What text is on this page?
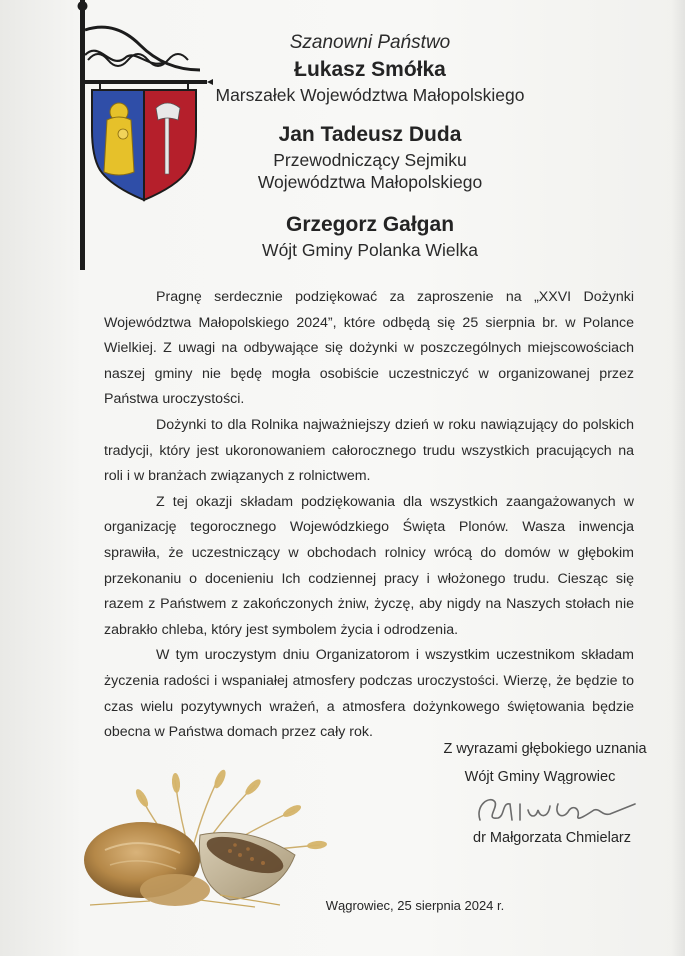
Szanowni Państwo
Łukasz Smółka
Marszałek Województwa Małopolskiego
Jan Tadeusz Duda
Przewodniczący Sejmiku
Województwa Małopolskiego
Grzegorz Gałgan
Wójt Gminy Polanka Wielka

Pragnę serdecznie podziękować za zaproszenie na „XXVI Dożynki Województwa Małopolskiego 2024”, które odbędą się 25 sierpnia br. w Polance Wielkiej. Z uwagi na odbywające się dożynki w poszczególnych miejscowościach naszej gminy nie będę mogła osobiście uczestniczyć w organizowanej przez Państwa uroczystości.

Dożynki to dla Rolnika najważniejszy dzień w roku nawiązujący do polskich tradycji, który jest ukoronowaniem całorocznego trudu wszystkich pracujących na roli i w branżach związanych z rolnictwem.

Z tej okazji składam podziękowania dla wszystkich zaangażowanych w organizację tegorocznego Wojewódzkiego Święta Plonów. Wasza inwencja sprawiła, że uczestniczący w obchodach rolnicy wrócą do domów w głębokim przekonaniu o docenieniu Ich codziennej pracy i włożonego trudu. Ciesząc się razem z Państwem z zakończonych żniw, życzę, aby nigdy na Naszych stołach nie zabrakło chleba, który jest symbolem życia i odrodzenia.

W tym uroczystym dniu Organizatorom i wszystkim uczestnikom składam życzenia radości i wspaniałej atmosfery podczas uroczystości. Wierzę, że będzie to czas wielu pozytywnych wrażeń, a atmosfera dożynkowego świętowania będzie obecna w Państwa domach przez cały rok.

Z wyrazami głębokiego uznania
Wójt Gminy Wągrowiec
dr Małgorzata Chmielarz
Wągrowiec, 25 sierpnia 2024 r.
